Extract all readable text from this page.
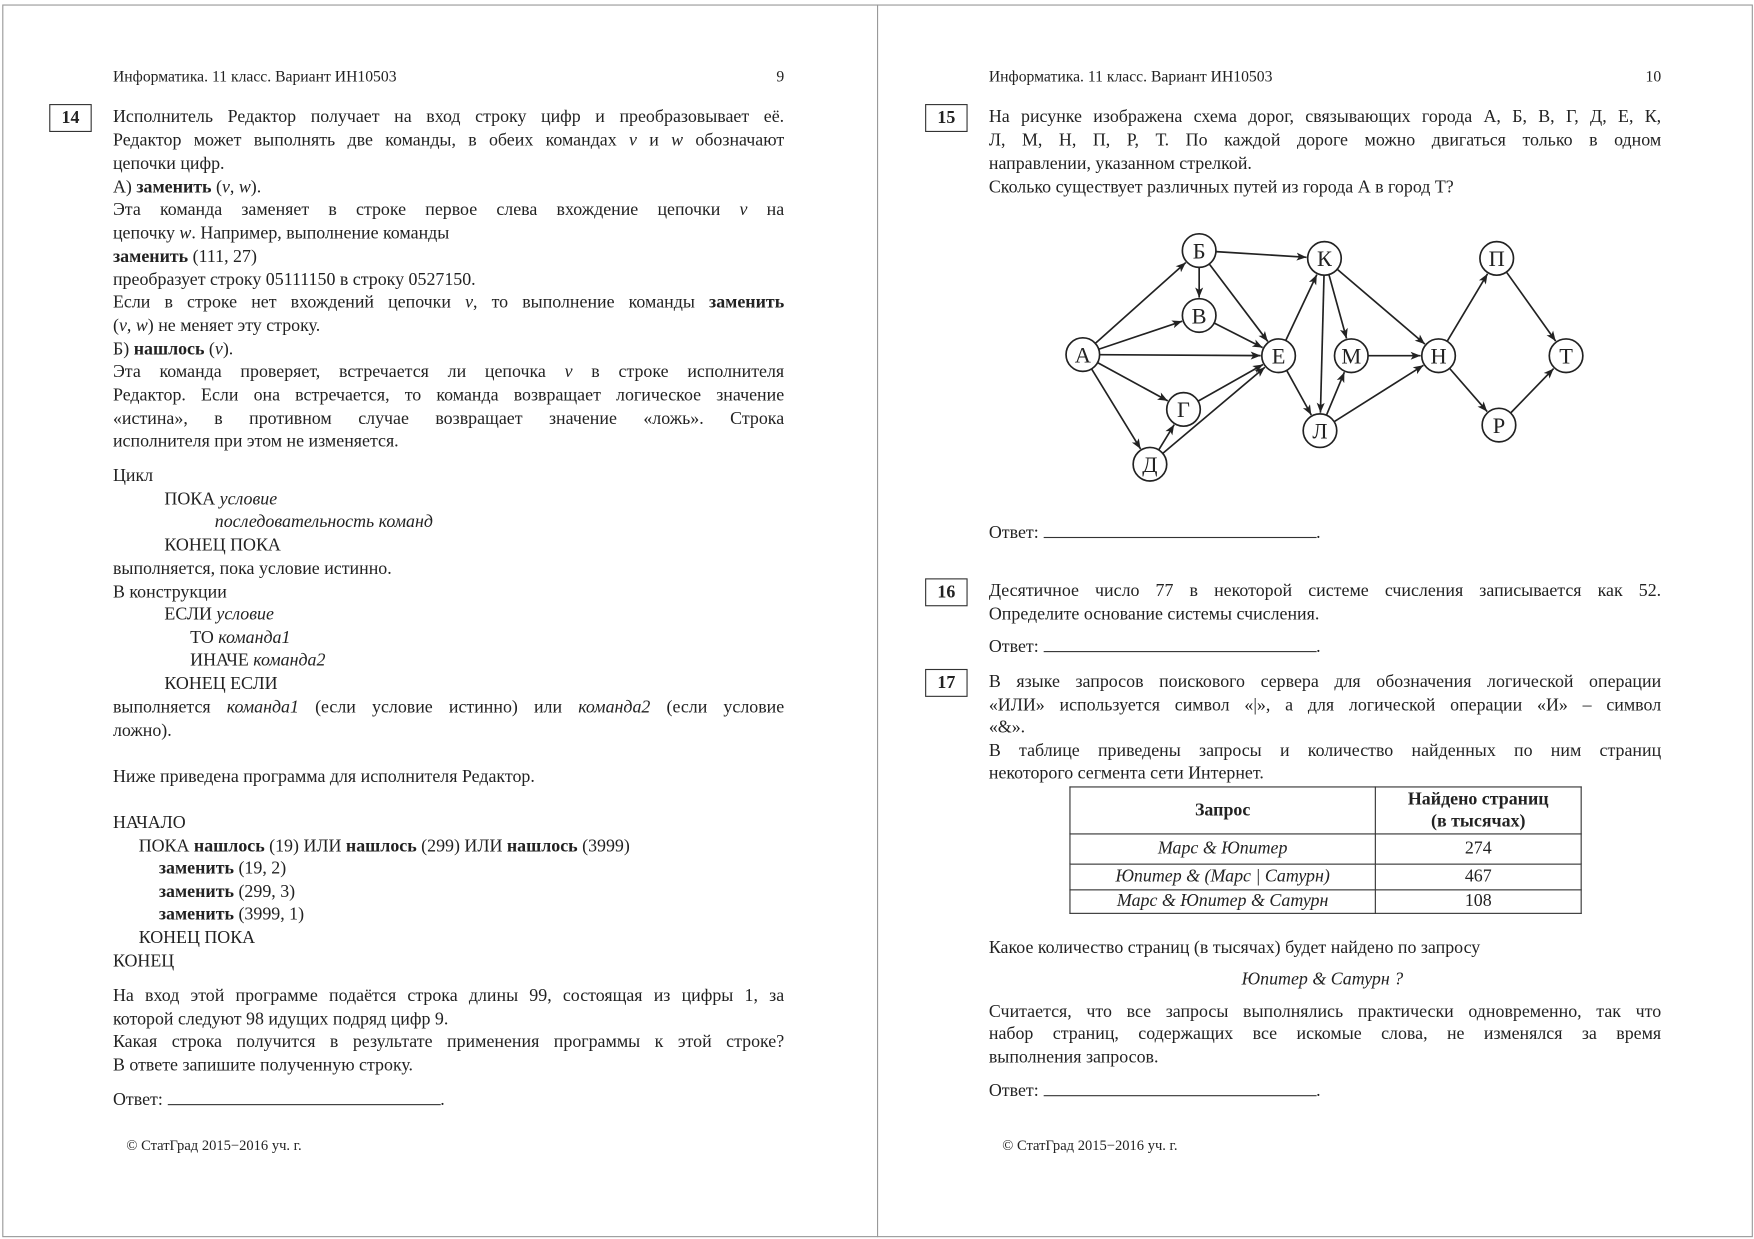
Информатика. 11 класс. Вариант ИН10503	9
14	Исполнитель Редактор получает на вход строку цифр и преобразовывает её.
Редактор может выполнять две команды, в обеих командах v и w обозначают
цепочки цифр.
А) заменить (v, w).
Эта команда заменяет в строке первое слева вхождение цепочки v на
цепочку w. Например, выполнение команды
заменить (111, 27)
преобразует строку 05111150 в строку 0527150.
Если в строке нет вхождений цепочки v, то выполнение команды заменить
(v, w) не меняет эту строку.
Б) нашлось (v).
Эта команда проверяет, встречается ли цепочка v в строке исполнителя
Редактор. Если она встречается, то команда возвращает логическое значение
«истина», в противном случае возвращает значение «ложь». Строка
исполнителя при этом не изменяется.
Цикл
ПОКА условие
последовательность команд
КОНЕЦ ПОКА
выполняется, пока условие истинно.
В конструкции
ЕСЛИ условие
ТО команда1
ИНАЧЕ команда2
КОНЕЦ ЕСЛИ
выполняется команда1 (если условие истинно) или команда2 (если условие
ложно).
Ниже приведена программа для исполнителя Редактор.
НАЧАЛО
ПОКА нашлось (19) ИЛИ нашлось (299) ИЛИ нашлось (3999)
заменить (19, 2)
заменить (299, 3)
заменить (3999, 1)
КОНЕЦ ПОКА
КОНЕЦ
На вход этой программе подаётся строка длины 99, состоящая из цифры 1, за
которой следуют 98 идущих подряд цифр 9.
Какая строка получится в результате применения программы к этой строке?
В ответе запишите полученную строку.
Ответ:	.
© СтатГрад 2015−2016 уч. г.
Информатика. 11 класс. Вариант ИН10503	10
15	На рисунке изображена схема дорог, связывающих города А, Б, В, Г, Д, Е, К,
Л, М, Н, П, Р, Т. По каждой дороге можно двигаться только в одном
направлении, указанном стрелкой.
Сколько существует различных путей из города А в город Т?
А
Б
В
Г
Д
Е
К
Л
М	Н
П
Р
Т
Ответ:	.
16	Десятичное число 77 в некоторой системе счисления записывается как 52.
Определите основание системы счисления.
Ответ:	.
17	В языке запросов поискового сервера для обозначения логической операции
«ИЛИ» используется символ «|», а для логической операции «И» – символ
«&».
В таблице приведены запросы и количество найденных по ним страниц
некоторого сегмента сети Интернет.
Запрос	Найдено страниц (в тысячах)
Марс & Юпитер	274
Юпитер & (Марс | Сатурн)	467
Марс & Юпитер & Сатурн	108
Какое количество страниц (в тысячах) будет найдено по запросу
Юпитер & Сатурн ?
Считается, что все запросы выполнялись практически одновременно, так что
набор страниц, содержащих все искомые слова, не изменялся за время
выполнения запросов.
Ответ:	.
© СтатГрад 2015−2016 уч. г.
